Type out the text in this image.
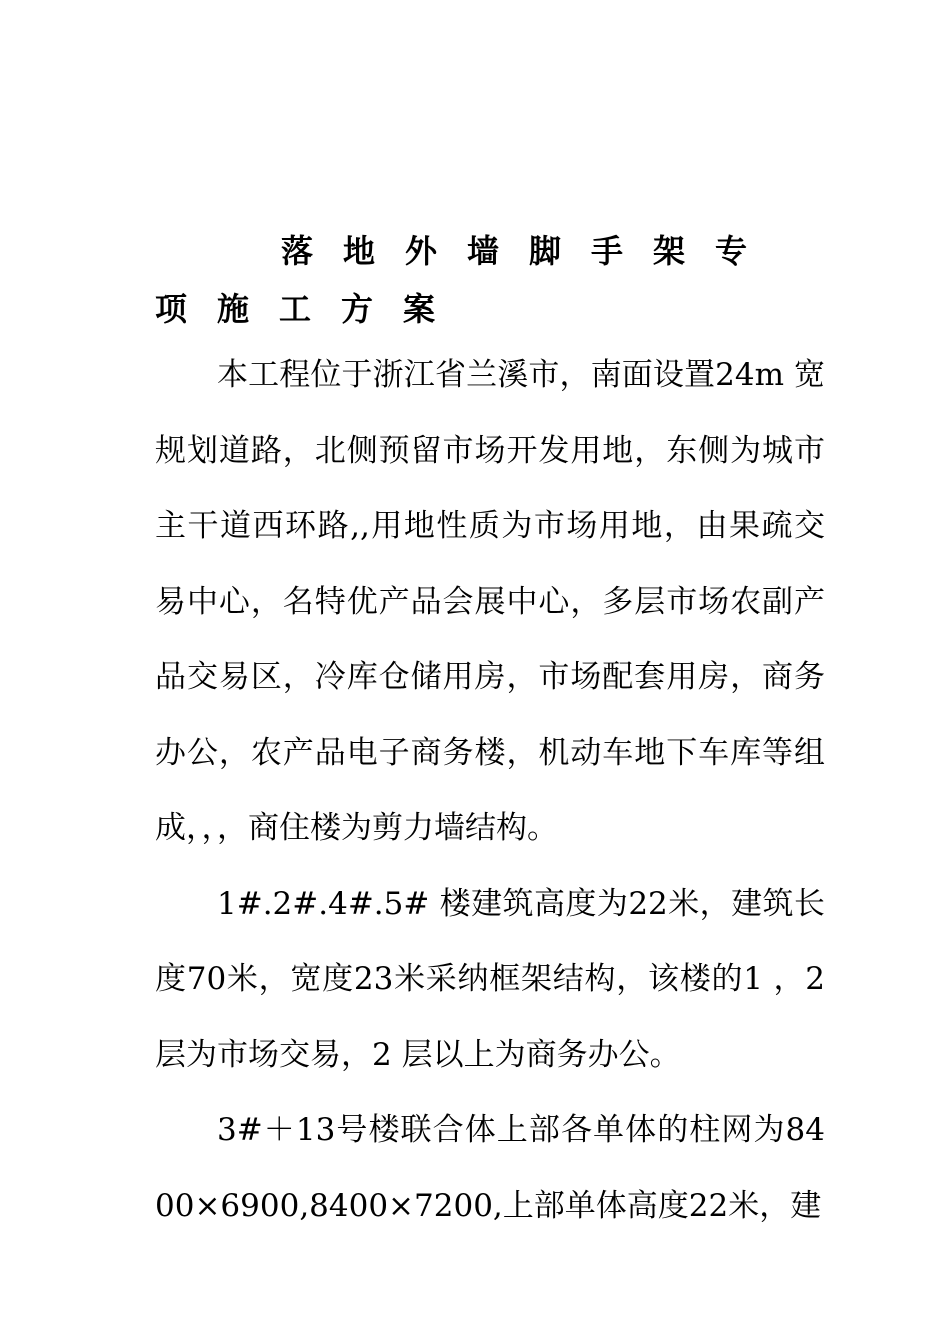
落地外墙脚手架专
项施工方案

本工程位于浙江省兰溪市，南面设置24m 宽规划道路，北侧预留市场开发用地，东侧为城市主干道西环路,,用地性质为市场用地，由果疏交易中心，名特优产品会展中心，多层市场农副产品交易区，冷库仓储用房，市场配套用房，商务办公，农产品电子商务楼，机动车地下车库等组成，，，商住楼为剪力墙结构。

1#.2#.4#.5# 楼建筑高度为22米，建筑长度70米，宽度23米采纳框架结构，该楼的1 ，2 层为市场交易，2 层以上为商务办公。

3#＋13号楼联合体上部各单体的柱网为8400×6900,8400×7200,上部单体高度22米，建
